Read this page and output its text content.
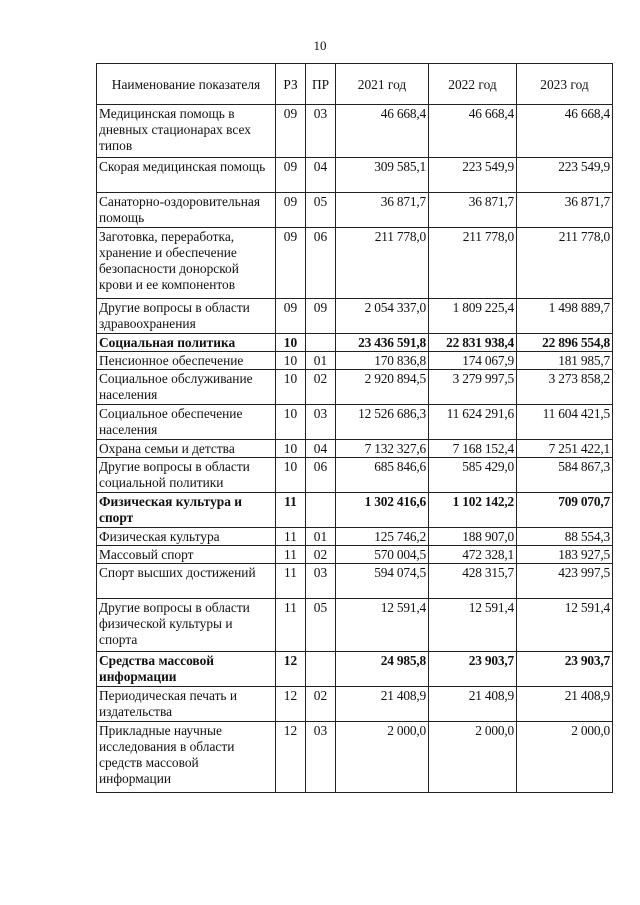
10
Наименование показателя	РЗ	ПР	2021 год	2022 год	2023 год
Медицинская помощь в дневных стационарах всех типов	09	03	46 668,4	46 668,4	46 668,4
Скорая медицинская помощь	09	04	309 585,1	223 549,9	223 549,9
Санаторно-оздоровительная помощь	09	05	36 871,7	36 871,7	36 871,7
Заготовка, переработка, хранение и обеспечение безопасности донорской крови и ее компонентов	09	06	211 778,0	211 778,0	211 778,0
Другие вопросы в области здравоохранения	09	09	2 054 337,0	1 809 225,4	1 498 889,7
Социальная политика	10		23 436 591,8	22 831 938,4	22 896 554,8
Пенсионное обеспечение	10	01	170 836,8	174 067,9	181 985,7
Социальное обслуживание населения	10	02	2 920 894,5	3 279 997,5	3 273 858,2
Социальное обеспечение населения	10	03	12 526 686,3	11 624 291,6	11 604 421,5
Охрана семьи и детства	10	04	7 132 327,6	7 168 152,4	7 251 422,1
Другие вопросы в области социальной политики	10	06	685 846,6	585 429,0	584 867,3
Физическая культура и спорт	11		1 302 416,6	1 102 142,2	709 070,7
Физическая культура	11	01	125 746,2	188 907,0	88 554,3
Массовый спорт	11	02	570 004,5	472 328,1	183 927,5
Спорт высших достижений	11	03	594 074,5	428 315,7	423 997,5
Другие вопросы в области физической культуры и спорта	11	05	12 591,4	12 591,4	12 591,4
Средства массовой информации	12		24 985,8	23 903,7	23 903,7
Периодическая печать и издательства	12	02	21 408,9	21 408,9	21 408,9
Прикладные научные исследования в области средств массовой информации	12	03	2 000,0	2 000,0	2 000,0
